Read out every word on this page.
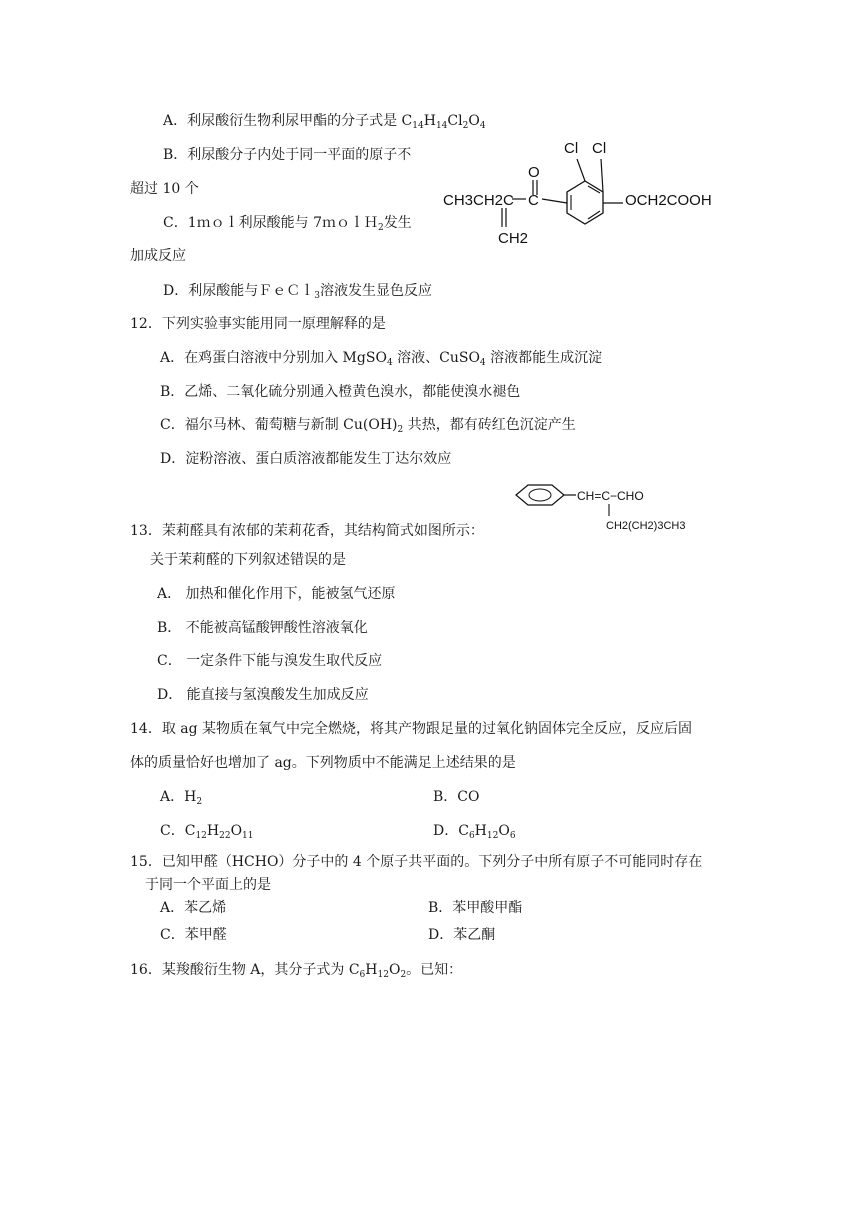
A．利尿酸衍生物利尿甲酯的分子式是 $C_{14}H_{14}Cl_2O_4$
B．利尿酸分子内处于同一平面的原子不
超过 10 个
C．1ｍｏｌ利尿酸能与 7ｍｏｌＨ$_2$发生
加成反应
D．利尿酸能与ＦｅＣｌ$_3$溶液发生显色反应
Cl Cl
O
C
CH3CH2C
CH2
OCH2COOH
12．下列实验事实能用同一原理解释的是
A．在鸡蛋白溶液中分别加入 MgSO$_4$ 溶液、CuSO$_4$ 溶液都能生成沉淀
B．乙烯、二氧化硫分别通入橙黄色溴水，都能使溴水褪色
C．福尔马林、葡萄糖与新制 $Cu(OH)_2$ 共热，都有砖红色沉淀产生
D．淀粉溶液、蛋白质溶液都能发生丁达尔效应
CH=C−CHO
CH2(CH2)3CH3
13．茉莉醛具有浓郁的茉莉花香，其结构简式如图所示：
关于茉莉醛的下列叙述错误的是
A． 加热和催化作用下，能被氢气还原
B． 不能被高锰酸钾酸性溶液氧化
C． 一定条件下能与溴发生取代反应
D． 能直接与氢溴酸发生加成反应
14．取 ag 某物质在氧气中完全燃烧，将其产物跟足量的过氧化钠固体完全反应，反应后固
体的质量恰好也增加了 ag。下列物质中不能满足上述结果的是
A．$H_2$	B．CO
C．$C_{12}H_{22}O_{11}$	D．$C_6H_{12}O_6$
15．已知甲醛（HCHO）分子中的 4 个原子共平面的。下列分子中所有原子不可能同时存在
于同一个平面上的是
A．苯乙烯	B．苯甲酸甲酯
C．苯甲醛	D．苯乙酮
16．某羧酸衍生物 A，其分子式为 $C_6H_{12}O_2$。已知：
